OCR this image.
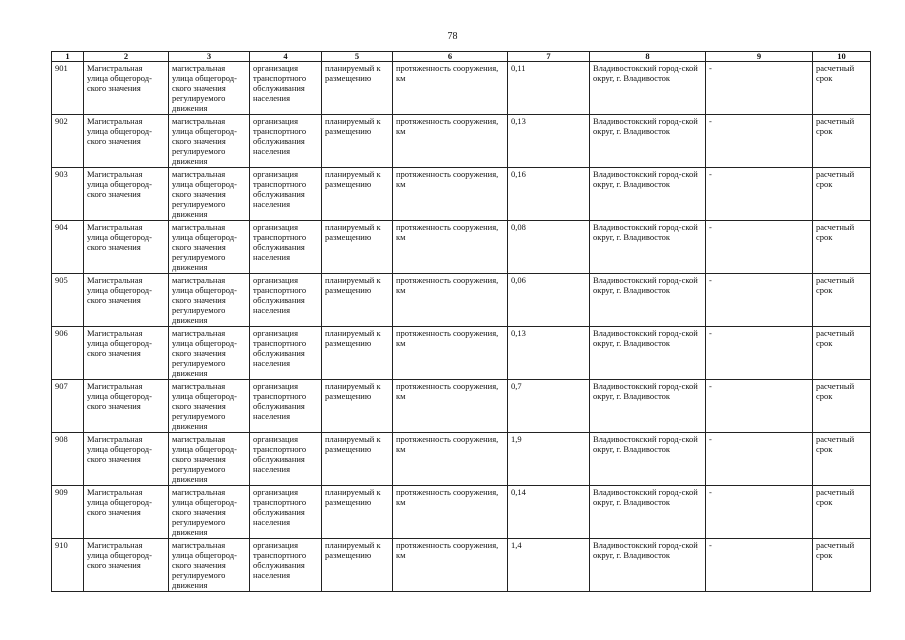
78
1	2	3	4	5	6	7	8	9	10
901	Магистральная улица общегород-ского значения	магистральная улица общегород-ского значения регулируемого движения	организация транспортного обслуживания населения	планируемый к размещению	протяженность сооружения, км	0,11	Владивостокский город-ской округ, г. Владивосток	-	расчетный срок
902	Магистральная улица общегород-ского значения	магистральная улица общегород-ского значения регулируемого движения	организация транспортного обслуживания населения	планируемый к размещению	протяженность сооружения, км	0,13	Владивостокский город-ской округ, г. Владивосток	-	расчетный срок
903	Магистральная улица общегород-ского значения	магистральная улица общегород-ского значения регулируемого движения	организация транспортного обслуживания населения	планируемый к размещению	протяженность сооружения, км	0,16	Владивостокский город-ской округ, г. Владивосток	-	расчетный срок
904	Магистральная улица общегород-ского значения	магистральная улица общегород-ского значения регулируемого движения	организация транспортного обслуживания населения	планируемый к размещению	протяженность сооружения, км	0,08	Владивостокский город-ской округ, г. Владивосток	-	расчетный срок
905	Магистральная улица общегород-ского значения	магистральная улица общегород-ского значения регулируемого движения	организация транспортного обслуживания населения	планируемый к размещению	протяженность сооружения, км	0,06	Владивостокский город-ской округ, г. Владивосток	-	расчетный срок
906	Магистральная улица общегород-ского значения	магистральная улица общегород-ского значения регулируемого движения	организация транспортного обслуживания населения	планируемый к размещению	протяженность сооружения, км	0,13	Владивостокский город-ской округ, г. Владивосток	-	расчетный срок
907	Магистральная улица общегород-ского значения	магистральная улица общегород-ского значения регулируемого движения	организация транспортного обслуживания населения	планируемый к размещению	протяженность сооружения, км	0,7	Владивостокский город-ской округ, г. Владивосток	-	расчетный срок
908	Магистральная улица общегород-ского значения	магистральная улица общегород-ского значения регулируемого движения	организация транспортного обслуживания населения	планируемый к размещению	протяженность сооружения, км	1,9	Владивостокский город-ской округ, г. Владивосток	-	расчетный срок
909	Магистральная улица общегород-ского значения	магистральная улица общегород-ского значения регулируемого движения	организация транспортного обслуживания населения	планируемый к размещению	протяженность сооружения, км	0,14	Владивостокский город-ской округ, г. Владивосток	-	расчетный срок
910	Магистральная улица общегород-ского значения	магистральная улица общегород-ского значения регулируемого движения	организация транспортного обслуживания населения	планируемый к размещению	протяженность сооружения, км	1,4	Владивостокский город-ской округ, г. Владивосток	-	расчетный срок
